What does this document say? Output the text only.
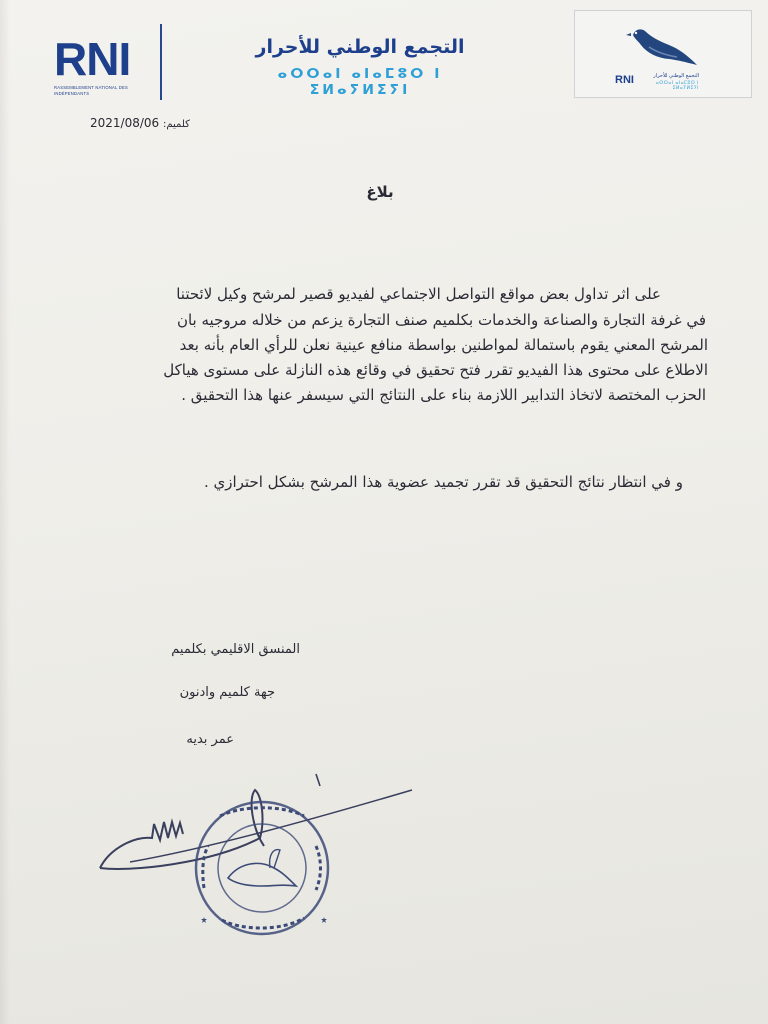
RNI
RASSEMBLEMENT NATIONAL DES INDÉPENDANTS
التجمع الوطني للأحرار
ⴰⵔⵔⴰⵏ ⴰⵏⴰⵎⵓⵔ ⵏ ⵉⵍⴰⵢⵍⵉⵢⵏ
RNI	التجمع الوطني للأحرار
ⴰⵔⵔⴰⵏ ⴰⵏⴰⵎⵓⵔ ⵏ ⵉⵍⴰⵢⵍⵉⵢⵏ
2021/08/06 كلميم:
بلاغ
على اثر تداول بعض مواقع التواصل الاجتماعي لفيديو قصير لمرشح وكيل لائحتنا
في غرفة التجارة والصناعة والخدمات بكلميم صنف التجارة يزعم من خلاله مروجيه بان
المرشح المعني يقوم باستمالة لمواطنين بواسطة منافع عينية نعلن للرأي العام بأنه بعد
الاطلاع على محتوى هذا الفيديو تقرر فتح تحقيق في وقائع هذه النازلة على مستوى هياكل
الحزب المختصة لاتخاذ التدابير اللازمة بناء على النتائج التي سيسفر عنها هذا التحقيق .
و في انتظار نتائج التحقيق قد تقرر تجميد عضوية هذا المرشح بشكل احترازي .
المنسق الاقليمي بكلميم
جهة كلميم وادنون
عمر بديه
